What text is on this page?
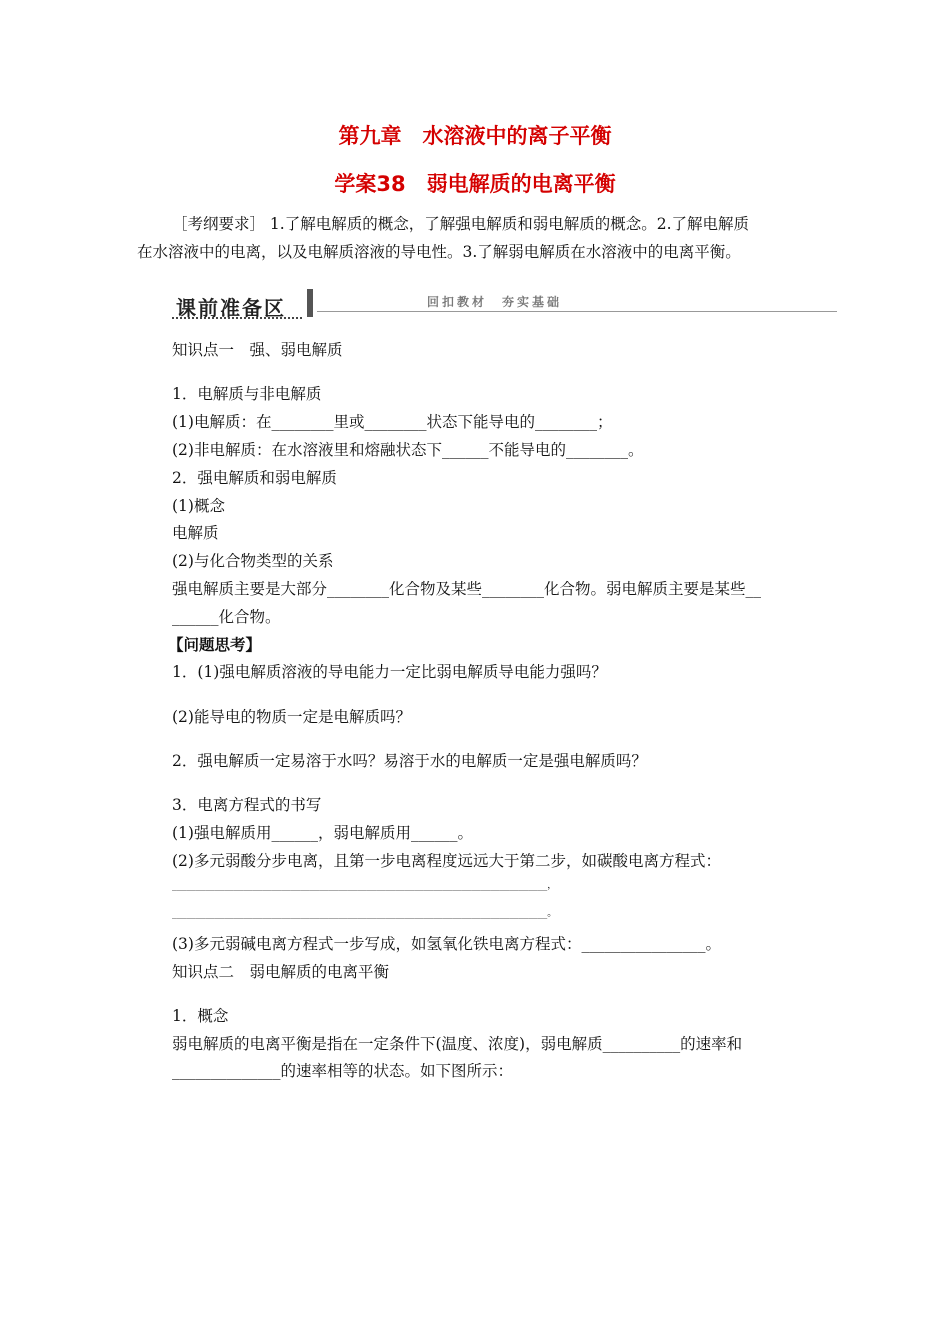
第九章　水溶液中的离子平衡
学案38　弱电解质的电离平衡
［考纲要求］ 1.了解电解质的概念，了解强电解质和弱电解质的概念。2.了解电解质
在水溶液中的电离，以及电解质溶液的导电性。3.了解弱电解质在水溶液中的电离平衡。
课前准备区	回扣教材　夯实基础
知识点一　强、弱电解质
1．电解质与非电解质
(1)电解质：在________里或________状态下能导电的________；
(2)非电解质：在水溶液里和熔融状态下______不能导电的________。
2．强电解质和弱电解质
(1)概念
电解质
(2)与化合物类型的关系
强电解质主要是大部分________化合物及某些________化合物。弱电解质主要是某些__
______化合物。
【问题思考】
1．(1)强电解质溶液的导电能力一定比弱电解质导电能力强吗？
(2)能导电的物质一定是电解质吗？
2．强电解质一定易溶于水吗？易溶于水的电解质一定是强电解质吗？
3．电离方程式的书写
(1)强电解质用______，弱电解质用______。
(2)多元弱酸分步电离，且第一步电离程度远远大于第二步，如碳酸电离方程式：
_______________________________________________________________________________，
_______________________________________________________________________________。
(3)多元弱碱电离方程式一步写成，如氢氧化铁电离方程式：________________。
知识点二　弱电解质的电离平衡
1．概念
弱电解质的电离平衡是指在一定条件下(温度、浓度)，弱电解质__________的速率和
______________的速率相等的状态。如下图所示：
